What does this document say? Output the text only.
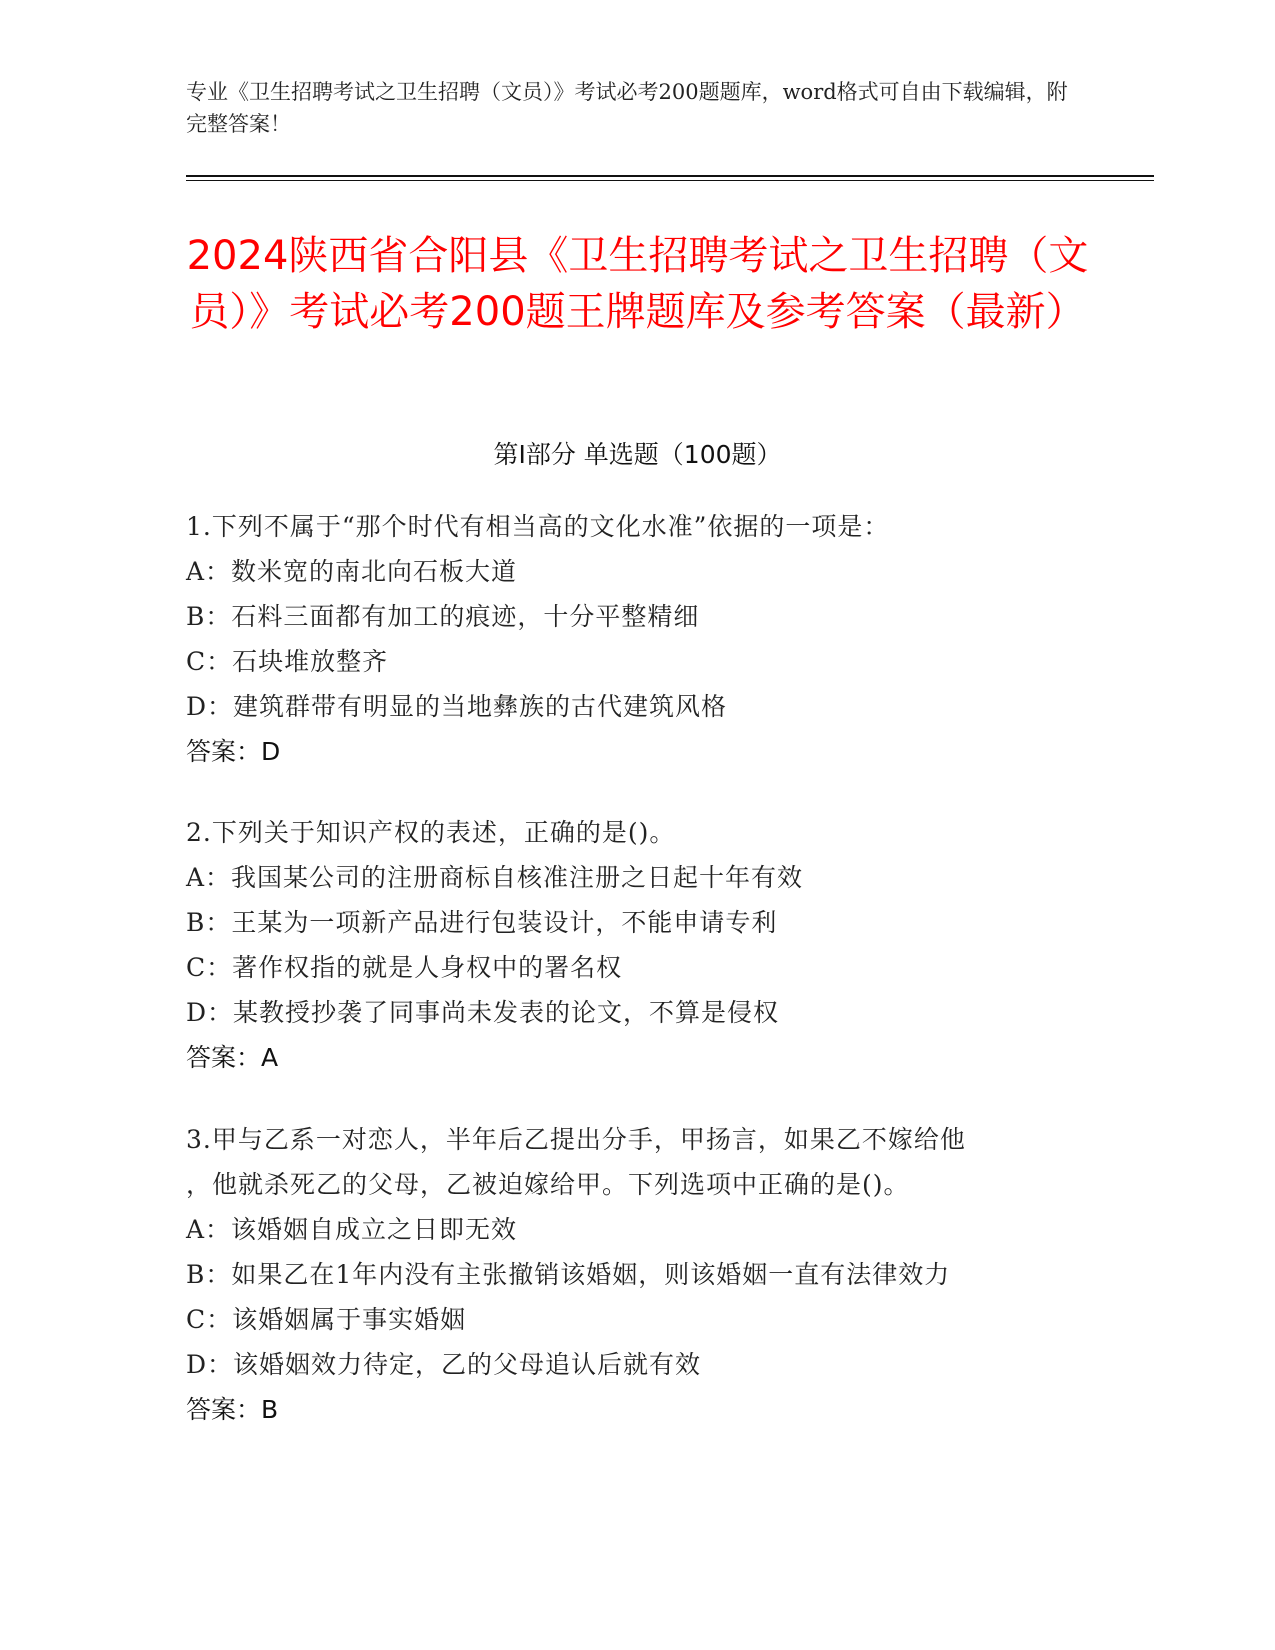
专业《卫生招聘考试之卫生招聘（文员）》考试必考200题题库，word格式可自由下载编辑，附完整答案！
2024陕西省合阳县《卫生招聘考试之卫生招聘（文员）》考试必考200题王牌题库及参考答案（最新）
第I部分 单选题（100题）
1.下列不属于“那个时代有相当高的文化水准”依据的一项是：
A：数米宽的南北向石板大道
B：石料三面都有加工的痕迹，十分平整精细
C：石块堆放整齐
D：建筑群带有明显的当地彝族的古代建筑风格
答案：D
2.下列关于知识产权的表述，正确的是()。
A：我国某公司的注册商标自核准注册之日起十年有效
B：王某为一项新产品进行包装设计，不能申请专利
C：著作权指的就是人身权中的署名权
D：某教授抄袭了同事尚未发表的论文，不算是侵权
答案：A
3.甲与乙系一对恋人，半年后乙提出分手，甲扬言，如果乙不嫁给他
，他就杀死乙的父母，乙被迫嫁给甲。下列选项中正确的是()。
A：该婚姻自成立之日即无效
B：如果乙在1年内没有主张撤销该婚姻，则该婚姻一直有法律效力
C：该婚姻属于事实婚姻
D：该婚姻效力待定，乙的父母追认后就有效
答案：B
